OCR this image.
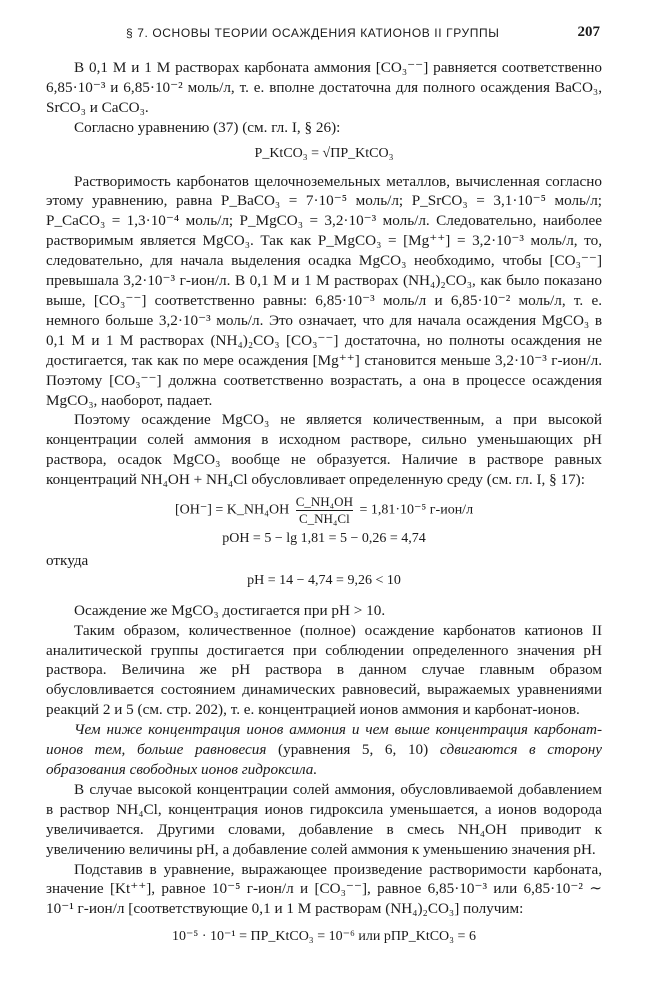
§ 7. ОСНОВЫ ТЕОРИИ ОСАЖДЕНИЯ КАТИОНОВ II ГРУППЫ	207

В 0,1 М и 1 М растворах карбоната аммония [CO₃⁻⁻] равняется соответственно 6,85·10⁻³ и 6,85·10⁻² моль/л, т. е. вполне достаточна для полного осаждения BaCO₃, SrCO₃ и CaCO₃.

Согласно уравнению (37) (см. гл. I, § 26):

P_KtCO₃ = √ПР_KtCO₃

Растворимость карбонатов щелочноземельных металлов, вычисленная согласно этому уравнению, равна P_BaCO₃ = 7·10⁻⁵ моль/л; P_SrCO₃ = 3,1·10⁻⁵ моль/л; P_CaCO₃ = 1,3·10⁻⁴ моль/л; P_MgCO₃ = 3,2·10⁻³ моль/л. Следовательно, наиболее растворимым является MgCO₃. Так как P_MgCO₃ = [Mg⁺⁺] = 3,2·10⁻³ моль/л, то, следовательно, для начала выделения осадка MgCO₃ необходимо, чтобы [CO₃⁻⁻] превышала 3,2·10⁻³ г-ион/л. В 0,1 М и 1 М растворах (NH₄)₂CO₃, как было показано выше, [CO₃⁻⁻] соответственно равны: 6,85·10⁻³ моль/л и 6,85·10⁻² моль/л, т. е. немного больше 3,2·10⁻³ моль/л. Это означает, что для начала осаждения MgCO₃ в 0,1 М и 1 М растворах (NH₄)₂CO₃ [CO₃⁻⁻] достаточна, но полноты осаждения не достигается, так как по мере осаждения [Mg⁺⁺] становится меньше 3,2·10⁻³ г-ион/л. Поэтому [CO₃⁻⁻] должна соответственно возрастать, а она в процессе осаждения MgCO₃, наоборот, падает.

Поэтому осаждение MgCO₃ не является количественным, а при высокой концентрации солей аммония в исходном растворе, сильно уменьшающих pH раствора, осадок MgCO₃ вообще не образуется. Наличие в растворе равных концентраций NH₄OH + NH₄Cl обусловливает определенную среду (см. гл. I, § 17):

[OH⁻] = K_NH₄OH $\frac{\text{C\_NH₄OH}}{\text{C\_NH₄Cl}} = 1,81\cdot 10^{-5}$ г-ион/л
pOH = 5 − lg 1,81 = 5 − 0,26 = 4,74

откуда

pH = 14 − 4,74 = 9,26 < 10

Осаждение же MgCO₃ достигается при pH > 10.

Таким образом, количественное (полное) осаждение карбонатов катионов II аналитической группы достигается при соблюдении определенного значения pH раствора. Величина же pH раствора в данном случае главным образом обусловливается состоянием динамических равновесий, выражаемых уравнениями реакций 2 и 5 (см. стр. 202), т. е. концентрацией ионов аммония и карбонат-ионов.

Чем ниже концентрация ионов аммония и чем выше концентрация карбонат-ионов тем, больше равновесия (уравнения 5, 6, 10) сдвигаются в сторону образования свободных ионов гидроксила.

В случае высокой концентрации солей аммония, обусловливаемой добавлением в раствор NH₄Cl, концентрация ионов гидроксила уменьшается, а ионов водорода увеличивается. Другими словами, добавление в смесь NH₄OH приводит к увеличению величины pH, а добавление солей аммония к уменьшению значения pH.

Подставив в уравнение, выражающее произведение растворимости карбоната, значение [Kt⁺⁺], равное 10⁻⁵ г-ион/л и [CO₃⁻⁻], равное 6,85·10⁻³ или 6,85·10⁻² ∼ 10⁻¹ г-ион/л [соответствующие 0,1 и 1 М растворам (NH₄)₂CO₃] получим:

10⁻⁵ · 10⁻¹ = ПР_KtCO₃ = 10⁻⁶ или pПР_KtCO₃ = 6
